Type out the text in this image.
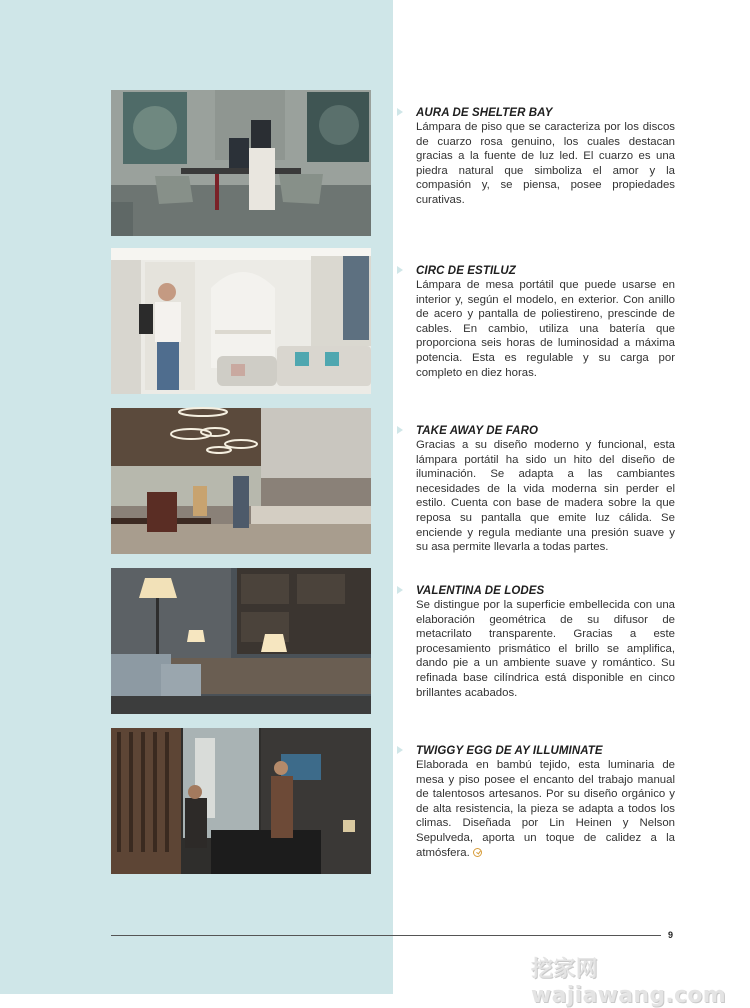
AURA DE SHELTER BAY
Lámpara de piso que se caracteriza por los discos de cuarzo rosa genuino, los cuales destacan gracias a la fuente de luz led. El cuarzo es una piedra natural que simboliza el amor y la compasión y, se piensa, posee propiedades curativas.
CIRC DE ESTILUZ
Lámpara de mesa portátil que puede usarse en interior y, según el modelo, en exterior. Con anillo de acero y pantalla de poliestireno, prescinde de cables. En cambio, utiliza una batería que proporciona seis horas de luminosidad a máxima potencia. Esta es regulable y su carga por completo en diez horas.
TAKE AWAY DE FARO
Gracias a su diseño moderno y funcional, esta lámpara portátil ha sido un hito del diseño de iluminación. Se adapta a las cambiantes necesidades de la vida moderna sin perder el estilo. Cuenta con base de madera sobre la que reposa su pantalla que emite luz cálida. Se enciende y regula mediante una presión suave y su asa permite llevarla a todas partes.
VALENTINA DE LODES
Se distingue por la superficie embellecida con una elaboración geométrica de su difusor de metacrilato transparente. Gracias a este procesamiento prismático el brillo se amplifica, dando pie a un ambiente suave y romántico. Su refinada base cilíndrica está disponible en cinco brillantes acabados.
TWIGGY EGG DE AY ILLUMINATE
Elaborada en bambú tejido, esta luminaria de mesa y piso posee el encanto del trabajo manual de talentosos artesanos. Por su diseño orgánico y de alta resistencia, la pieza se adapta a todos los climas. Diseñada por Lin Heinen y Nelson Sepulveda, aporta un toque de calidez a la atmósfera.
9
挖家网 wajiawang.com
